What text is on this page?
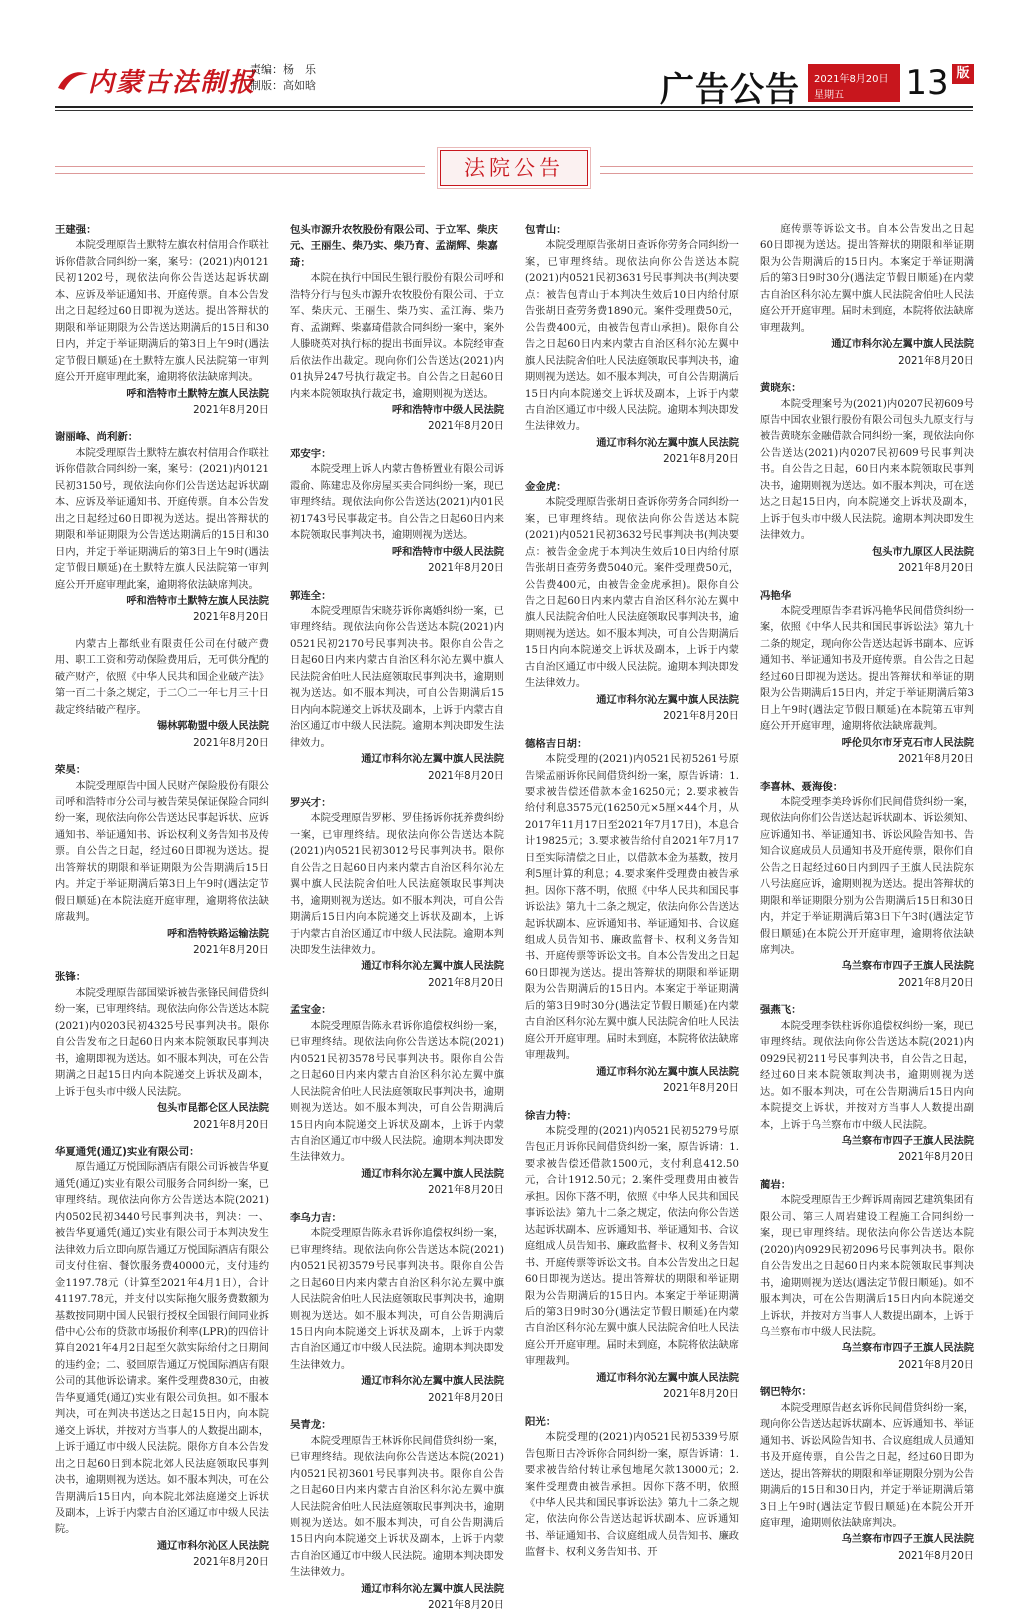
内蒙古法制报
责编：杨　乐
制版：高如晗	广告公告 2021年8月20日
星期五 13 版
法院公告

王建强：

本院受理原告土默特左旗农村信用合作联社诉你借款合同纠纷一案，案号：(2021)内0121民初1202号，现依法向你公告送达起诉状副本、应诉及举证通知书、开庭传票。自本公告发出之日起经过60日即视为送达。提出答辩状的期限和举证期限为公告送达期满后的15日和30日内，并定于举证期满后的第3日上午9时(遇法定节假日顺延)在土默特左旗人民法院第一审判庭公开开庭审理此案，逾期将依法缺席判决。

呼和浩特市土默特左旗人民法院

2021年8月20日

谢丽峰、尚利新：

本院受理原告土默特左旗农村信用合作联社诉你借款合同纠纷一案，案号：(2021)内0121民初3150号，现依法向你们公告送达起诉状副本、应诉及举证通知书、开庭传票。自本公告发出之日起经过60日即视为送达。提出答辩状的期限和举证期限为公告送达期满后的15日和30日内，并定于举证期满后的第3日上午9时(遇法定节假日顺延)在土默特左旗人民法院第一审判庭公开开庭审理此案，逾期将依法缺席判决。

呼和浩特市土默特左旗人民法院

2021年8月20日

内蒙古上都纸业有限责任公司在付破产费用、职工工资和劳动保险费用后，无可供分配的破产财产，依照《中华人民共和国企业破产法》第一百二十条之规定，于二〇二一年七月三十日裁定终结破产程序。

锡林郭勒盟中级人民法院

2021年8月20日

荣昊：

本院受理原告中国人民财产保险股份有限公司呼和浩特市分公司与被告荣昊保证保险合同纠纷一案，现依法向你公告送达民事起诉状、应诉通知书、举证通知书、诉讼权利义务告知书及传票。自公告之日起，经过60日即视为送达。提出答辩状的期限和举证期限为公告期满后15日内。并定于举证期满后第3日上午9时(遇法定节假日顺延)在本院法庭开庭审理，逾期将依法缺席裁判。

呼和浩特铁路运输法院

2021年8月20日

张锋：

本院受理原告部国梁诉被告张锋民间借贷纠纷一案，已审理终结。现依法向你公告送达本院(2021)内0203民初4325号民事判决书。限你自公告发布之日起60日内来本院领取民事判决书，逾期即视为送达。如不服本判决，可在公告期满之日起15日内向本院递交上诉状及副本，上诉于包头市中级人民法院。

包头市昆都仑区人民法院

2021年8月20日

华夏通凭(通辽)实业有限公司：

原告通辽万悦国际酒店有限公司诉被告华夏通凭(通辽)实业有限公司服务合同纠纷一案，已审理终结。现依法向你方公告送达本院(2021)内0502民初3440号民事判决书，判决：一、被告华夏通凭(通辽)实业有限公司于本判决发生法律效力后立即向原告通辽万悦国际酒店有限公司支付住宿、餐饮服务费40000元，支付违约金1197.78元（计算至2021年4月1日），合计41197.78元，并支付以实际拖欠服务费数额为基数按同期中国人民银行授权全国银行间同业拆借中心公布的贷款市场报价利率(LPR)的四倍计算自2021年4月2日起至欠款实际给付之日期间的违约金；二、驳回原告通辽万悦国际酒店有限公司的其他诉讼请求。案件受理费830元，由被告华夏通凭(通辽)实业有限公司负担。如不服本判决，可在判决书送达之日起15日内，向本院递交上诉状，并按对方当事人的人数提出副本，上诉于通辽市中级人民法院。限你方自本公告发出之日起60日到本院北郊人民法庭领取民事判决书，逾期则视为送达。如不服本判决，可在公告期满后15日内，向本院北郊法庭递交上诉状及副本，上诉于内蒙古自治区通辽市中级人民法院。

通辽市科尔沁区人民法院

2021年8月20日

包头市源升农牧股份有限公司、于立军、柴庆元、王丽生、柴乃实、柴乃育、孟湖辉、柴嘉琦：

本院在执行中国民生银行股份有限公司呼和浩特分行与包头市源升农牧股份有限公司、于立军、柴庆元、王丽生、柴乃实、孟江海、柴乃育、孟湖辉、柴嘉琦借款合同纠纷一案中，案外人滕晓英对执行标的提出书面异议。本院经审查后依法作出裁定。现向你们公告送达(2021)内01执异247号执行裁定书。自公告之日起60日内来本院领取执行裁定书，逾期则视为送达。

呼和浩特市中级人民法院

2021年8月20日

邓安宇：

本院受理上诉人内蒙古鲁桥置业有限公司诉霞俞、陈建忠及你房屋买卖合同纠纷一案，现已审理终结。现依法向你公告送达(2021)内01民初1743号民事裁定书。自公告之日起60日内来本院领取民事判决书，逾期则视为送达。

呼和浩特市中级人民法院

2021年8月20日

郭连全：

本院受理原告宋晓芬诉你离婚纠纷一案，已审理终结。现依法向你公告送达本院(2021)内0521民初2170号民事判决书。限你自公告之日起60日内来内蒙古自治区科尔沁左翼中旗人民法院舍伯吐人民法庭领取民事判决书，逾期则视为送达。如不服本判决，可自公告期满后15日内向本院递交上诉状及副本，上诉于内蒙古自治区通辽市中级人民法院。逾期本判决即发生法律效力。

通辽市科尔沁左翼中旗人民法院

2021年8月20日

罗兴才：

本院受理原告罗彬、罗佳扬诉你抚养费纠纷一案，已审理终结。现依法向你公告送达本院(2021)内0521民初3012号民事判决书。限你自公告之日起60日内来内蒙古自治区科尔沁左翼中旗人民法院舍伯吐人民法庭领取民事判决书，逾期则视为送达。如不服本判决，可自公告期满后15日内向本院递交上诉状及副本，上诉于内蒙古自治区通辽市中级人民法院。逾期本判决即发生法律效力。

通辽市科尔沁左翼中旗人民法院

2021年8月20日

孟宝金：

本院受理原告陈永君诉你追偿权纠纷一案，已审理终结。现依法向你公告送达本院(2021)内0521民初3578号民事判决书。限你自公告之日起60日内来内蒙古自治区科尔沁左翼中旗人民法院舍伯吐人民法庭领取民事判决书，逾期则视为送达。如不服本判决，可自公告期满后15日内向本院递交上诉状及副本，上诉于内蒙古自治区通辽市中级人民法院。逾期本判决即发生法律效力。

通辽市科尔沁左翼中旗人民法院

2021年8月20日

李乌力吉：

本院受理原告陈永君诉你追偿权纠纷一案，已审理终结。现依法向你公告送达本院(2021)内0521民初3579号民事判决书。限你自公告之日起60日内来内蒙古自治区科尔沁左翼中旗人民法院舍伯吐人民法庭领取民事判决书，逾期则视为送达。如不服本判决，可自公告期满后15日内向本院递交上诉状及副本，上诉于内蒙古自治区通辽市中级人民法院。逾期本判决即发生法律效力。

通辽市科尔沁左翼中旗人民法院

2021年8月20日

吴青龙：

本院受理原告王林诉你民间借贷纠纷一案，已审理终结。现依法向你公告送达本院(2021)内0521民初3601号民事判决书。限你自公告之日起60日内来内蒙古自治区科尔沁左翼中旗人民法院舍伯吐人民法庭领取民事判决书，逾期则视为送达。如不服本判决，可自公告期满后15日内向本院递交上诉状及副本，上诉于内蒙古自治区通辽市中级人民法院。逾期本判决即发生法律效力。

通辽市科尔沁左翼中旗人民法院

2021年8月20日

包青山：

本院受理原告张胡日查诉你劳务合同纠纷一案，已审理终结。现依法向你公告送达本院(2021)内0521民初3631号民事判决书(判决要点：被告包青山于本判决生效后10日内给付原告张胡日查劳务费1890元。案件受理费50元，公告费400元，由被告包青山承担)。限你自公告之日起60日内来内蒙古自治区科尔沁左翼中旗人民法院舍伯吐人民法庭领取民事判决书，逾期则视为送达。如不服本判决，可自公告期满后15日内向本院递交上诉状及副本，上诉于内蒙古自治区通辽市中级人民法院。逾期本判决即发生法律效力。

通辽市科尔沁左翼中旗人民法院

2021年8月20日

金金虎：

本院受理原告张胡日查诉你劳务合同纠纷一案，已审理终结。现依法向你公告送达本院(2021)内0521民初3632号民事判决书(判决要点：被告金金虎于本判决生效后10日内给付原告张胡日查劳务费5040元。案件受理费50元，公告费400元，由被告金金虎承担)。限你自公告之日起60日内来内蒙古自治区科尔沁左翼中旗人民法院舍伯吐人民法庭领取民事判决书，逾期则视为送达。如不服本判决，可自公告期满后15日内向本院递交上诉状及副本，上诉于内蒙古自治区通辽市中级人民法院。逾期本判决即发生法律效力。

通辽市科尔沁左翼中旗人民法院

2021年8月20日

德格吉日胡：

本院受理的(2021)内0521民初5261号原告梁孟丽诉你民间借贷纠纷一案，原告诉请：1.要求被告偿还借款本金16250元；2.要求被告给付利息3575元(16250元×5厘×44个月，从2017年11月17日至2021年7月17日)，本息合计19825元；3.要求被告给付自2021年7月17日至实际清偿之日止，以借款本金为基数，按月利5厘计算的利息；4.要求案件受理费由被告承担。因你下落不明，依照《中华人民共和国民事诉讼法》第九十二条之规定，依法向你公告送达起诉状副本、应诉通知书、举证通知书、合议庭组成人员告知书、廉政监督卡、权利义务告知书、开庭传票等诉讼文书。自本公告发出之日起60日即视为送达。提出答辩状的期限和举证期限为公告期满后的15日内。本案定于举证期满后的第3日9时30分(遇法定节假日顺延)在内蒙古自治区科尔沁左翼中旗人民法院舍伯吐人民法庭公开开庭审理。届时未到庭，本院将依法缺席审理裁判。

通辽市科尔沁左翼中旗人民法院

2021年8月20日

徐吉力特：

本院受理的(2021)内0521民初5279号原告包正月诉你民间借贷纠纷一案，原告诉请：1.要求被告偿还借款1500元，支付利息412.50元，合计1912.50元；2.案件受理费用由被告承担。因你下落不明，依照《中华人民共和国民事诉讼法》第九十二条之规定，依法向你公告送达起诉状副本、应诉通知书、举证通知书、合议庭组成人员告知书、廉政监督卡、权利义务告知书、开庭传票等诉讼文书。自本公告发出之日起60日即视为送达。提出答辩状的期限和举证期限为公告期满后的15日内。本案定于举证期满后的第3日9时30分(遇法定节假日顺延)在内蒙古自治区科尔沁左翼中旗人民法院舍伯吐人民法庭公开开庭审理。届时未到庭，本院将依法缺席审理裁判。

通辽市科尔沁左翼中旗人民法院

2021年8月20日

阳光：

本院受理的(2021)内0521民初5339号原告包斯日古冷诉你合同纠纷一案，原告诉请：1.要求被告给付转让承包地尾欠款13000元；2.案件受理费由被告承担。因你下落不明，依照《中华人民共和国民事诉讼法》第九十二条之规定，依法向你公告送达起诉状副本、应诉通知书、举证通知书、合议庭组成人员告知书、廉政监督卡、权利义务告知书、开

庭传票等诉讼文书。自本公告发出之日起60日即视为送达。提出答辩状的期限和举证期限为公告期满后的15日内。本案定于举证期满后的第3日9时30分(遇法定节假日顺延)在内蒙古自治区科尔沁左翼中旗人民法院舍伯吐人民法庭公开开庭审理。届时未到庭，本院将依法缺席审理裁判。

通辽市科尔沁左翼中旗人民法院

2021年8月20日

黄晓东：

本院受理案号为(2021)内0207民初609号原告中国农业银行股份有限公司包头九原支行与被告黄晓东金融借款合同纠纷一案，现依法向你公告送达(2021)内0207民初609号民事判决书。自公告之日起，60日内来本院领取民事判决书，逾期则视为送达。如不服本判决，可在送达之日起15日内，向本院递交上诉状及副本，上诉于包头市中级人民法院。逾期本判决即发生法律效力。

包头市九原区人民法院

2021年8月20日

冯艳华

本院受理原告李君诉冯艳华民间借贷纠纷一案，依照《中华人民共和国民事诉讼法》第九十二条的规定，现向你公告送达起诉书副本、应诉通知书、举证通知书及开庭传票。自公告之日起经过60日即视为送达。提出答辩状和举证的期限为公告期满后15日内，并定于举证期满后第3日上午9时(遇法定节假日顺延)在本院第五审判庭公开开庭审理，逾期将依法缺席裁判。

呼伦贝尔市牙克石市人民法院

2021年8月20日

李喜林、聂海俊：

本院受理李美玲诉你们民间借贷纠纷一案，现依法向你们公告送达起诉状副本、诉讼须知、应诉通知书、举证通知书、诉讼风险告知书、告知合议庭成员人员通知书及开庭传票，限你们自公告之日起经过60日内到四子王旗人民法院东八号法庭应诉，逾期则视为送达。提出答辩状的期限和举证期限分别为公告期满后15日和30日内，并定于举证期满后第3日下午3时(遇法定节假日顺延)在本院公开开庭审理，逾期将依法缺席判决。

乌兰察布市四子王旗人民法院

2021年8月20日

强燕飞：

本院受理李铁柱诉你追偿权纠纷一案，现已审理终结。现依法向你公告送达本院(2021)内0929民初211号民事判决书，自公告之日起，经过60日来本院领取判决书，逾期则视为送达。如不服本判决，可在公告期满后15日内向本院提交上诉状，并按对方当事人人数提出副本，上诉于乌兰察布市中级人民法院。

乌兰察布市四子王旗人民法院

2021年8月20日

蔺岩：

本院受理原告王少辉诉周南园艺建筑集团有限公司、第三人周岩建设工程施工合同纠纷一案，现已审理终结。现依法向你公告送达本院(2020)内0929民初2096号民事判决书。限你自公告发出之日起60日内来本院领取民事判决书，逾期则视为送达(遇法定节假日顺延)。如不服本判决，可在公告期满后15日内向本院递交上诉状，并按对方当事人人数提出副本，上诉于乌兰察布市中级人民法院。

乌兰察布市四子王旗人民法院

2021年8月20日

钢巴特尔：

本院受理原告赵玄诉你民间借贷纠纷一案，现向你公告送达起诉状副本、应诉通知书、举证通知书、诉讼风险告知书、合议庭组成人员通知书及开庭传票，自公告之日起，经过60日即为送达，提出答辩状的期限和举证期限分别为公告期满后的15日和30日内，并定于举证期满后第3日上午9时(遇法定节假日顺延)在本院公开开庭审理，逾期则依法缺席判决。

乌兰察布市四子王旗人民法院

2021年8月20日
